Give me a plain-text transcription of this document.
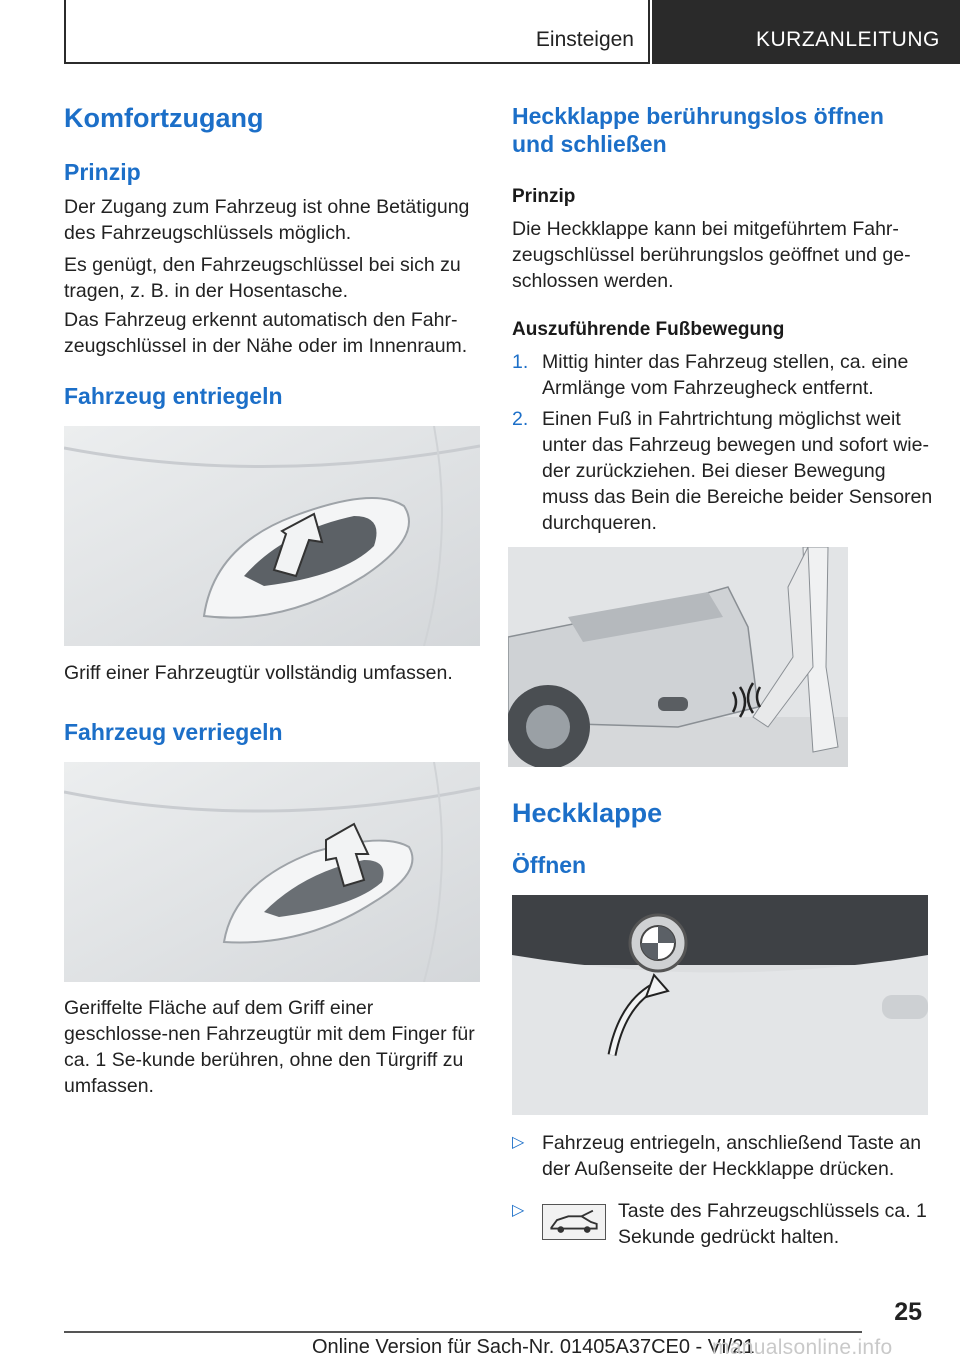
Einsteigen	KURZANLEITUNG
Komfortzugang
Prinzip
Der Zugang zum Fahrzeug ist ohne Betätigung des Fahrzeugschlüssels möglich.
Es genügt, den Fahrzeugschlüssel bei sich zu tragen, z. B. in der Hosentasche.
Das Fahrzeug erkennt automatisch den Fahr-zeugschlüssel in der Nähe oder im Innenraum.
Fahrzeug entriegeln
Griff einer Fahrzeugtür vollständig umfassen.
Fahrzeug verriegeln
Geriffelte Fläche auf dem Griff einer geschlosse-nen Fahrzeugtür mit dem Finger für ca. 1 Se-kunde berühren, ohne den Türgriff zu umfassen.
Heckklappe berührungslos öffnen und schließen
Prinzip
Die Heckklappe kann bei mitgeführtem Fahr-zeugschlüssel berührungslos geöffnet und ge-schlossen werden.
Auszuführende Fußbewegung
1. Mittig hinter das Fahrzeug stellen, ca. eine Armlänge vom Fahrzeugheck entfernt.
2. Einen Fuß in Fahrtrichtung möglichst weit unter das Fahrzeug bewegen und sofort wie-der zurückziehen. Bei dieser Bewegung muss das Bein die Bereiche beider Sensoren durchqueren.
Heckklappe
Öffnen
▷ Fahrzeug entriegeln, anschließend Taste an der Außenseite der Heckklappe drücken.
▷	Taste des Fahrzeugschlüssels ca. 1 Sekunde gedrückt halten.
25
Online Version für Sach-Nr. 01405A37CE0 - VI/21
manualsonline.info
